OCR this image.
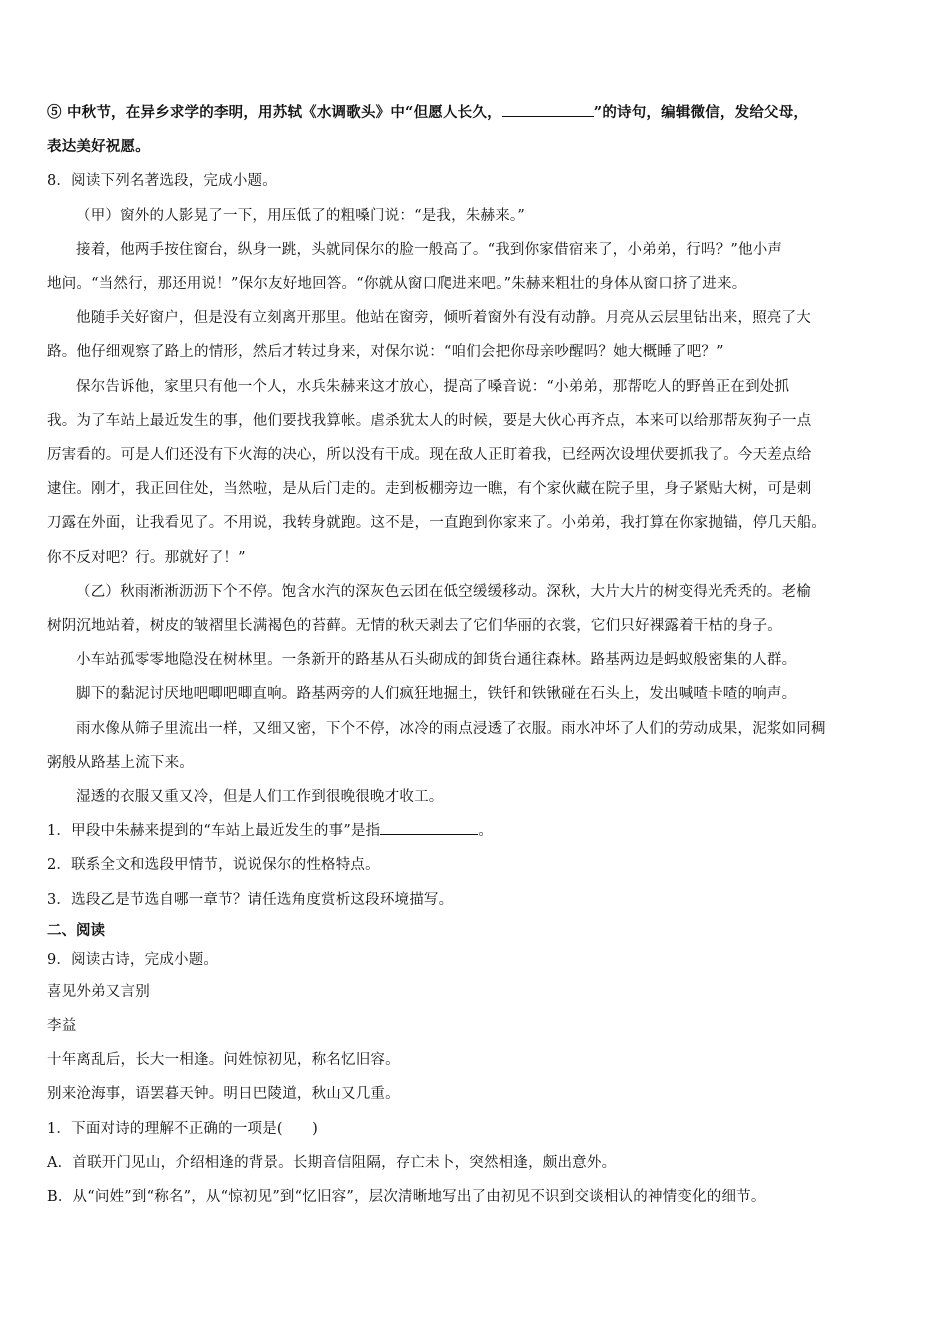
⑤ 中秋节，在异乡求学的李明，用苏轼《水调歌头》中“但愿人长久，	”的诗句，编辑微信，发给父母，
表达美好祝愿。
8．阅读下列名著选段，完成小题。
（甲）窗外的人影晃了一下，用压低了的粗嗓门说：“是我，朱赫来。”
接着，他两手按住窗台，纵身一跳，头就同保尔的脸一般高了。“我到你家借宿来了，小弟弟，行吗？”他小声
地问。“当然行，那还用说！”保尔友好地回答。“你就从窗口爬进来吧。”朱赫来粗壮的身体从窗口挤了进来。
他随手关好窗户，但是没有立刻离开那里。他站在窗旁，倾听着窗外有没有动静。月亮从云层里钻出来，照亮了大
路。他仔细观察了路上的情形，然后才转过身来，对保尔说：“咱们会把你母亲吵醒吗？她大概睡了吧？”
保尔告诉他，家里只有他一个人，水兵朱赫来这才放心，提高了嗓音说：“小弟弟，那帮吃人的野兽正在到处抓
我。为了车站上最近发生的事，他们要找我算帐。虐杀犹太人的时候，要是大伙心再齐点，本来可以给那帮灰狗子一点
厉害看的。可是人们还没有下火海的决心，所以没有干成。现在敌人正盯着我，已经两次设埋伏要抓我了。今天差点给
逮住。刚才，我正回住处，当然啦，是从后门走的。走到板棚旁边一瞧，有个家伙藏在院子里，身子紧贴大树，可是刺
刀露在外面，让我看见了。不用说，我转身就跑。这不是，一直跑到你家来了。小弟弟，我打算在你家抛锚，停几天船。
你不反对吧？行。那就好了！”
（乙）秋雨淅淅沥沥下个不停。饱含水汽的深灰色云团在低空缓缓移动。深秋，大片大片的树变得光秃秃的。老榆
树阴沉地站着，树皮的皱褶里长满褐色的苔藓。无情的秋天剥去了它们华丽的衣裳，它们只好裸露着干枯的身子。
小车站孤零零地隐没在树林里。一条新开的路基从石头砌成的卸货台通往森林。路基两边是蚂蚁般密集的人群。
脚下的黏泥讨厌地吧唧吧唧直响。路基两旁的人们疯狂地掘土，铁钎和铁锹碰在石头上，发出喊喳卡喳的响声。
雨水像从筛子里流出一样，又细又密，下个不停，冰冷的雨点浸透了衣服。雨水冲坏了人们的劳动成果，泥浆如同稠
粥般从路基上流下来。
湿透的衣服又重又冷，但是人们工作到很晚很晚才收工。
1．甲段中朱赫来提到的“车站上最近发生的事”是指	。
2．联系全文和选段甲情节，说说保尔的性格特点。
3．选段乙是节选自哪一章节？请任选角度赏析这段环境描写。
二、阅读
9．阅读古诗，完成小题。
喜见外弟又言别
李益
十年离乱后，长大一相逢。问姓惊初见，称名忆旧容。
别来沧海事，语罢暮天钟。明日巴陵道，秋山又几重。
1．下面对诗的理解不正确的一项是(　　)
A．首联开门见山，介绍相逢的背景。长期音信阻隔，存亡未卜，突然相逢，颇出意外。
B．从“问姓”到“称名”，从“惊初见”到“忆旧容”，层次清晰地写出了由初见不识到交谈相认的神情变化的细节。
